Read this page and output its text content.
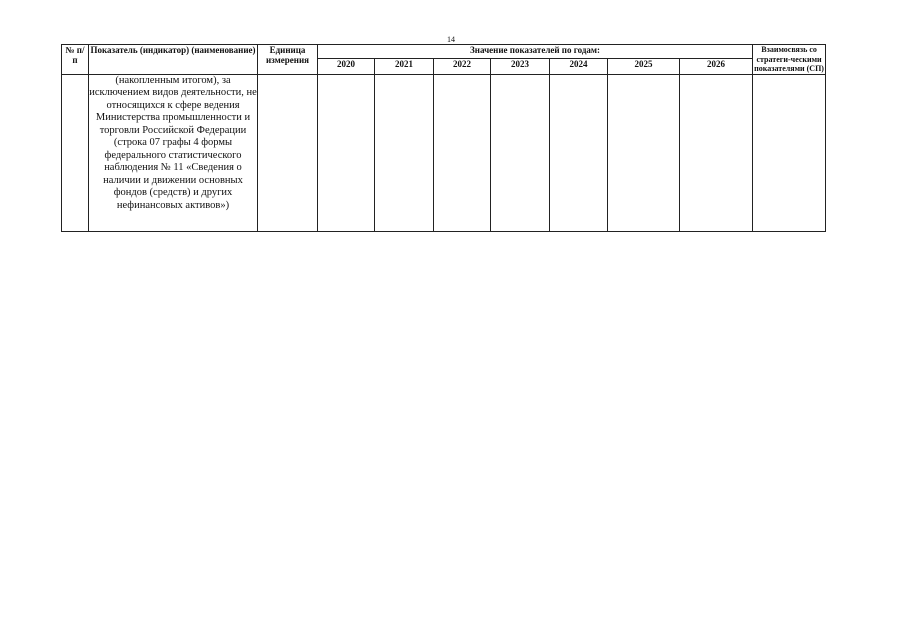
14
№ п/ п	Показатель (индикатор) (наименование)	Единица измерения	Значение показателей по годам:							Взаимосвязь со стратеги-ческими показателями (СП)
			2020	2021	2022	2023	2024	2025	2026	
	(накопленным итогом), за исключением видов деятельности, не относящихся к сфере ведения Министерства промышленности и торговли Российской Федерации (строка 07 графы 4 формы федерального статистического наблюдения № 11 «Сведения о наличии и движении основных фондов (средств) и других нефинансовых активов»)									
